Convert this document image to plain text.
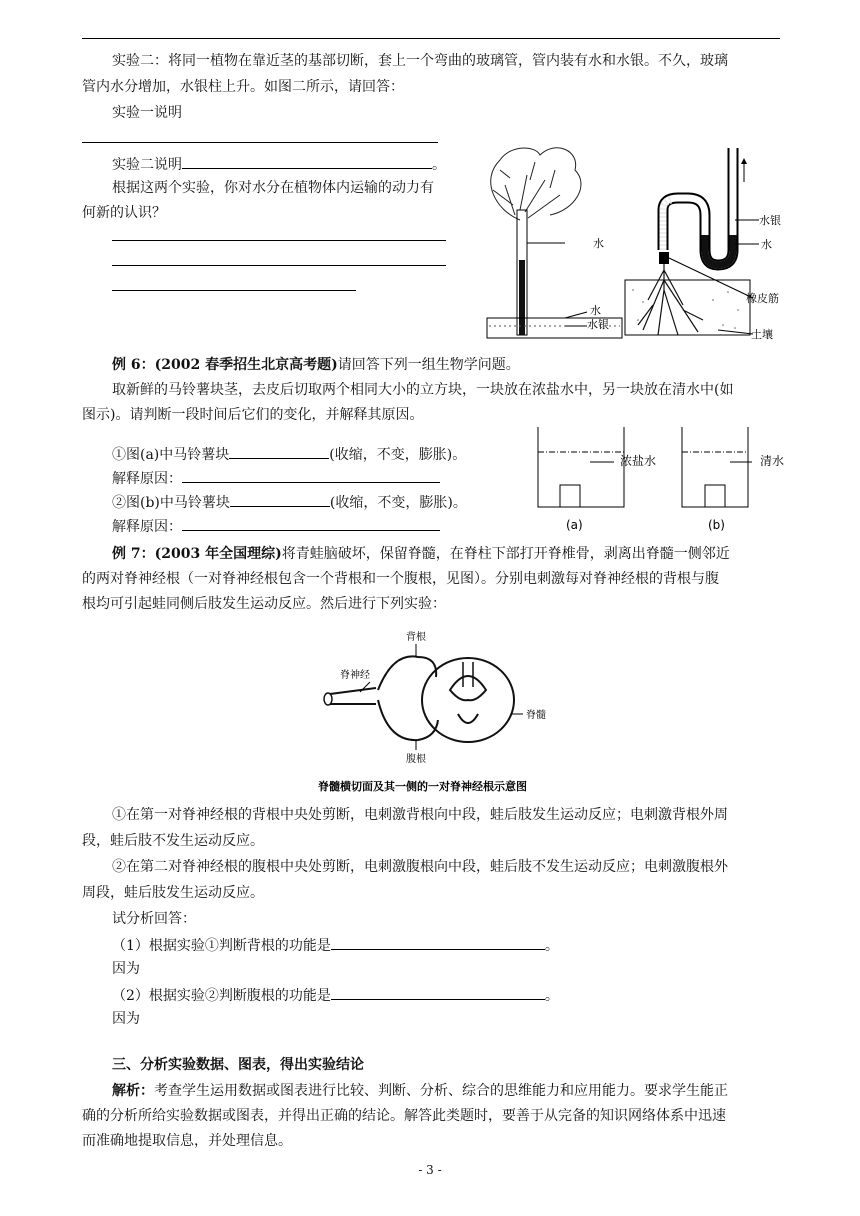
实验二：将同一植物在靠近茎的基部切断，套上一个弯曲的玻璃管，管内装有水和水银。不久，玻璃
管内水分增加，水银柱上升。如图二所示，请回答：
实验一说明
实验二说明	。
根据这两个实验，你对水分在植物体内运输的动力有
何新的认识？
水
水
水银
水银
水
橡皮筋
土壤
例 6：(2002 春季招生北京高考题)请回答下列一组生物学问题。
取新鲜的马铃薯块茎，去皮后切取两个相同大小的立方块，一块放在浓盐水中，另一块放在清水中(如
图示)。请判断一段时间后它们的变化，并解释其原因。
①图(a)中马铃薯块	(收缩，不变，膨胀)。
解释原因：
②图(b)中马铃薯块	(收缩，不变，膨胀)。
解释原因：
浓盐水
(a)
清水
(b)
例 7：(2003 年全国理综)将青蛙脑破坏，保留脊髓，在脊柱下部打开脊椎骨，剥离出脊髓一侧邻近
的两对脊神经根（一对脊神经根包含一个背根和一个腹根，见图）。分别电刺激每对脊神经根的背根与腹
根均可引起蛙同侧后肢发生运动反应。然后进行下列实验：
背根
脊神经
脊髓
腹根
脊髓横切面及其一侧的一对脊神经根示意图
①在第一对脊神经根的背根中央处剪断，电刺激背根向中段，蛙后肢发生运动反应；电刺激背根外周
段，蛙后肢不发生运动反应。
②在第二对脊神经根的腹根中央处剪断，电刺激腹根向中段，蛙后肢不发生运动反应；电刺激腹根外
周段，蛙后肢发生运动反应。
试分析回答：
（1）根据实验①判断背根的功能是	。
因为
（2）根据实验②判断腹根的功能是	。
因为
三、分析实验数据、图表，得出实验结论
解析：考查学生运用数据或图表进行比较、判断、分析、综合的思维能力和应用能力。要求学生能正
确的分析所给实验数据或图表，并得出正确的结论。解答此类题时，要善于从完备的知识网络体系中迅速
而准确地提取信息，并处理信息。
- 3 -
